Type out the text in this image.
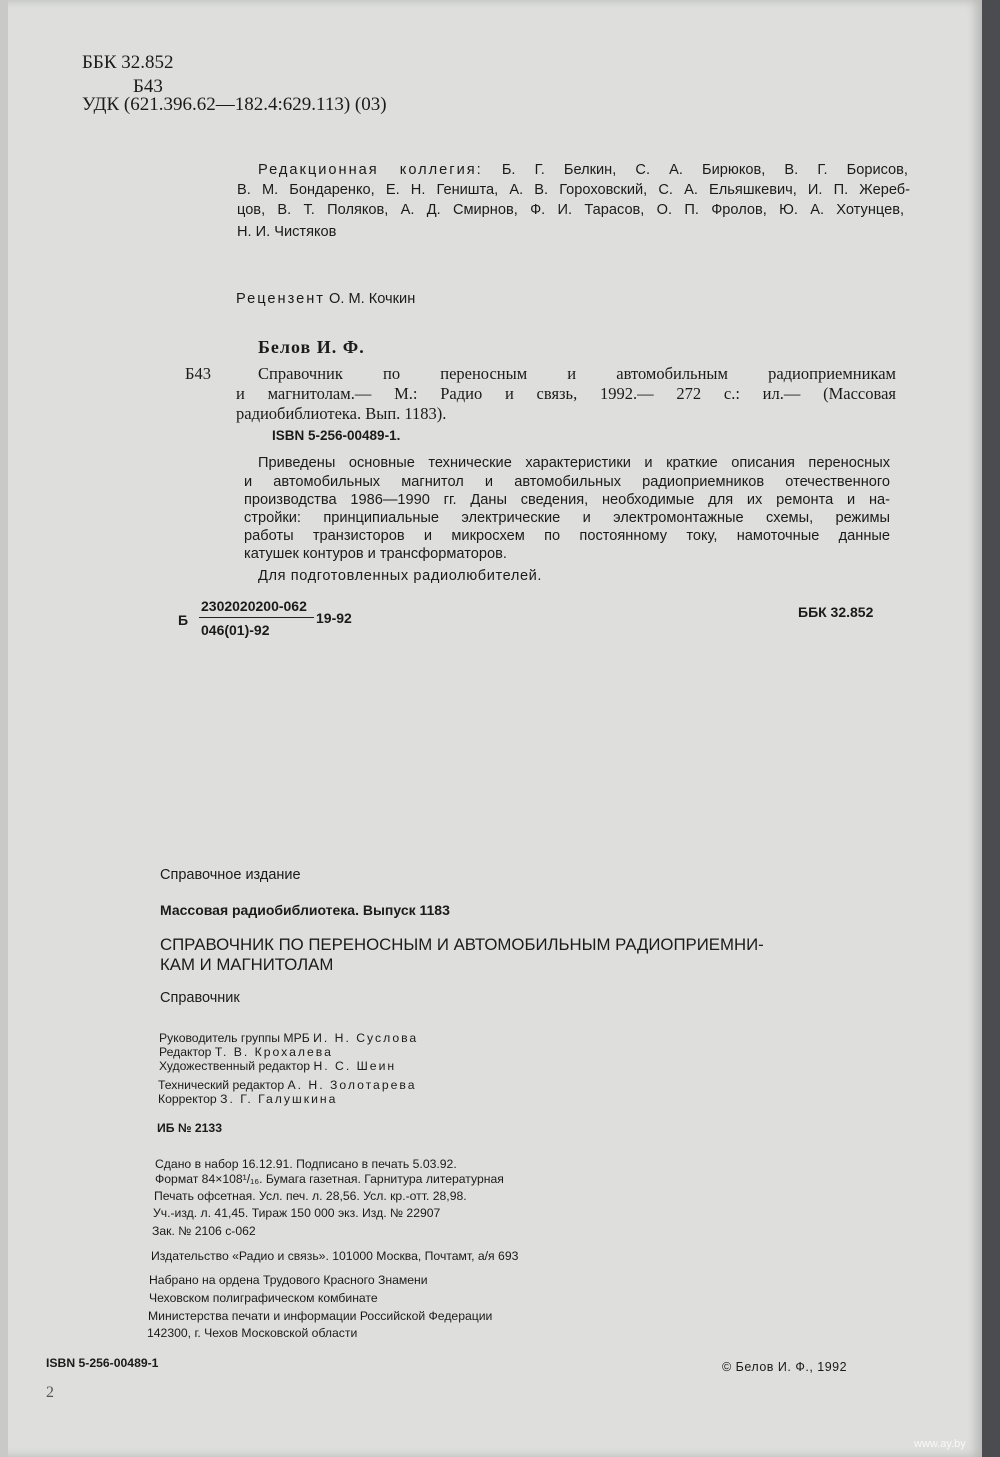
ББК 32.852
Б43
УДК (621.396.62—182.4:629.113) (03)
Редакционная коллегия: Б. Г. Белкин, С. А. Бирюков, В. Г. Борисов,
В. М. Бондаренко, Е. Н. Геништа, А. В. Гороховский, С. А. Ельяшкевич, И. П. Жереб-
цов, В. Т. Поляков, А. Д. Смирнов, Ф. И. Тарасов, О. П. Фролов, Ю. А. Хотунцев,
Н. И. Чистяков
Рецензент О. М. Кочкин
Белов И. Ф.
Б43	Справочник по переносным и автомобильным радиоприемникам
и магнитолам.— М.: Радио и связь, 1992.— 272 с.: ил.— (Массовая
радиобиблиотека. Вып. 1183).
ISBN 5-256-00489-1.
Приведены основные технические характеристики и краткие описания переносных
и автомобильных магнитол и автомобильных радиоприемников отечественного
производства 1986—1990 гг. Даны сведения, необходимые для их ремонта и на-
стройки: принципиальные электрические и электромонтажные схемы, режимы
работы транзисторов и микросхем по постоянному току, намоточные данные
катушек контуров и трансформаторов.
Для подготовленных радиолюбителей.
Б
2302020200-062
046(01)-92
19-92	ББК 32.852
Справочное издание
Массовая радиобиблиотека. Выпуск 1183
СПРАВОЧНИК ПО ПЕРЕНОСНЫМ И АВТОМОБИЛЬНЫМ РАДИОПРИЕМНИ-
КАМ И МАГНИТОЛАМ
Справочник
Руководитель группы МРБ И. Н. Суслова
Редактор Т. В. Крохалева
Художественный редактор Н. С. Шеин
Технический редактор А. Н. Золотарева
Корректор З. Г. Галушкина
ИБ № 2133
Сдано в набор 16.12.91. Подписано в печать 5.03.92.
Формат 84×108¹/₁₆. Бумага газетная. Гарнитура литературная
Печать офсетная. Усл. печ. л. 28,56. Усл. кр.-отт. 28,98.
Уч.-изд. л. 41,45. Тираж 150 000 экз. Изд. № 22907
Зак. № 2106 с-062
Издательство «Радио и связь». 101000 Москва, Почтамт, а/я 693
Набрано на ордена Трудового Красного Знамени
Чеховском полиграфическом комбинате
Министерства печати и информации Российской Федерации
142300, г. Чехов Московской области
ISBN 5-256-00489-1	© Белов И. Ф., 1992
2
www.ay.by
